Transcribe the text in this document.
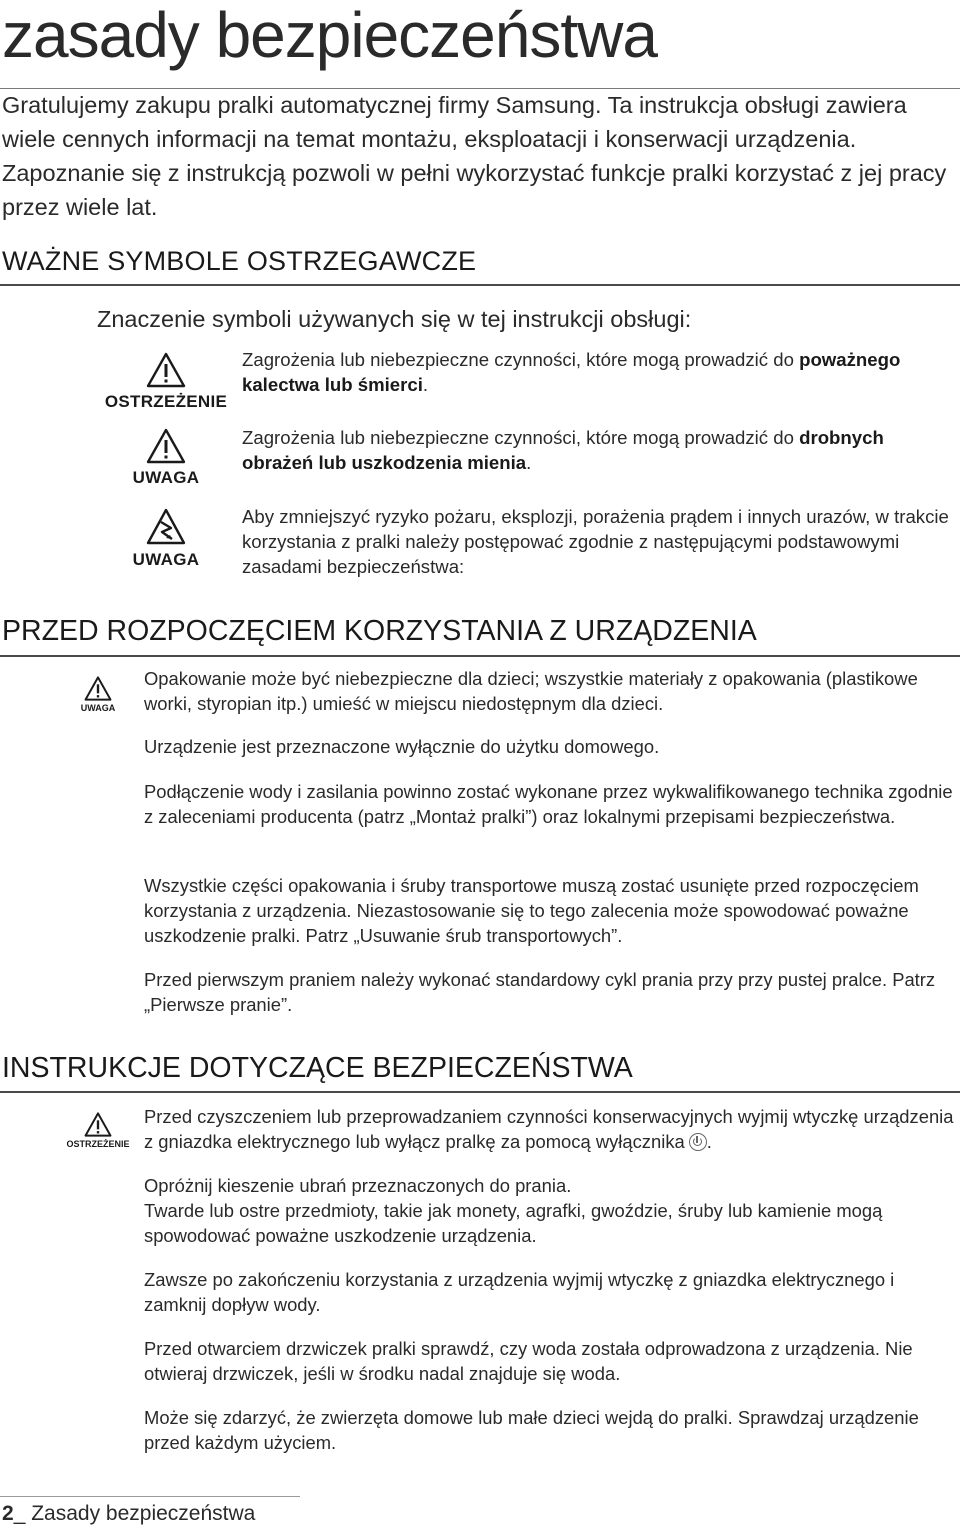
zasady bezpieczeństwa

Gratulujemy zakupu pralki automatycznej firmy Samsung. Ta instrukcja obsługi zawiera wiele cennych informacji na temat montażu, eksploatacji i konserwacji urządzenia. Zapoznanie się z instrukcją pozwoli w pełni wykorzystać funkcje pralki korzystać z jej pracy przez wiele lat.

WAŻNE SYMBOLE OSTRZEGAWCZE

Znaczenie symboli używanych się w tej instrukcji obsługi:

OSTRZEŻENIE

Zagrożenia lub niebezpieczne czynności, które mogą prowadzić do poważnego kalectwa lub śmierci.

UWAGA

Zagrożenia lub niebezpieczne czynności, które mogą prowadzić do drobnych obrażeń lub uszkodzenia mienia.

UWAGA

Aby zmniejszyć ryzyko pożaru, eksplozji, porażenia prądem i innych urazów, w trakcie korzystania z pralki należy postępować zgodnie z następującymi podstawowymi zasadami bezpieczeństwa:

PRZED ROZPOCZĘCIEM KORZYSTANIA Z URZĄDZENIA
UWAGA

Opakowanie może być niebezpieczne dla dzieci; wszystkie materiały z opakowania (plastikowe worki, styropian itp.) umieść w miejscu niedostępnym dla dzieci.

Urządzenie jest przeznaczone wyłącznie do użytku domowego.

Podłączenie wody i zasilania powinno zostać wykonane przez wykwalifikowanego technika zgodnie z zaleceniami producenta (patrz „Montaż pralki”) oraz lokalnymi przepisami bezpieczeństwa.

Wszystkie części opakowania i śruby transportowe muszą zostać usunięte przed rozpoczęciem korzystania z urządzenia. Niezastosowanie się to tego zalecenia może spowodować poważne uszkodzenie pralki. Patrz „Usuwanie śrub transportowych”.

Przed pierwszym praniem należy wykonać standardowy cykl prania przy przy pustej pralce. Patrz „Pierwsze pranie”.

INSTRUKCJE DOTYCZĄCE BEZPIECZEŃSTWA
OSTRZEŻENIE

Przed czyszczeniem lub przeprowadzaniem czynności konserwacyjnych wyjmij wtyczkę urządzenia z gniazdka elektrycznego lub wyłącz pralkę za pomocą wyłącznika .

Opróżnij kieszenie ubrań przeznaczonych do prania.
Twarde lub ostre przedmioty, takie jak monety, agrafki, gwoździe, śruby lub kamienie mogą spowodować poważne uszkodzenie urządzenia.

Zawsze po zakończeniu korzystania z urządzenia wyjmij wtyczkę z gniazdka elektrycznego i zamknij dopływ wody.

Przed otwarciem drzwiczek pralki sprawdź, czy woda została odprowadzona z urządzenia. Nie otwieraj drzwiczek, jeśli w środku nadal znajduje się woda.

Może się zdarzyć, że zwierzęta domowe lub małe dzieci wejdą do pralki. Sprawdzaj urządzenie przed każdym użyciem.

2_ Zasady bezpieczeństwa
